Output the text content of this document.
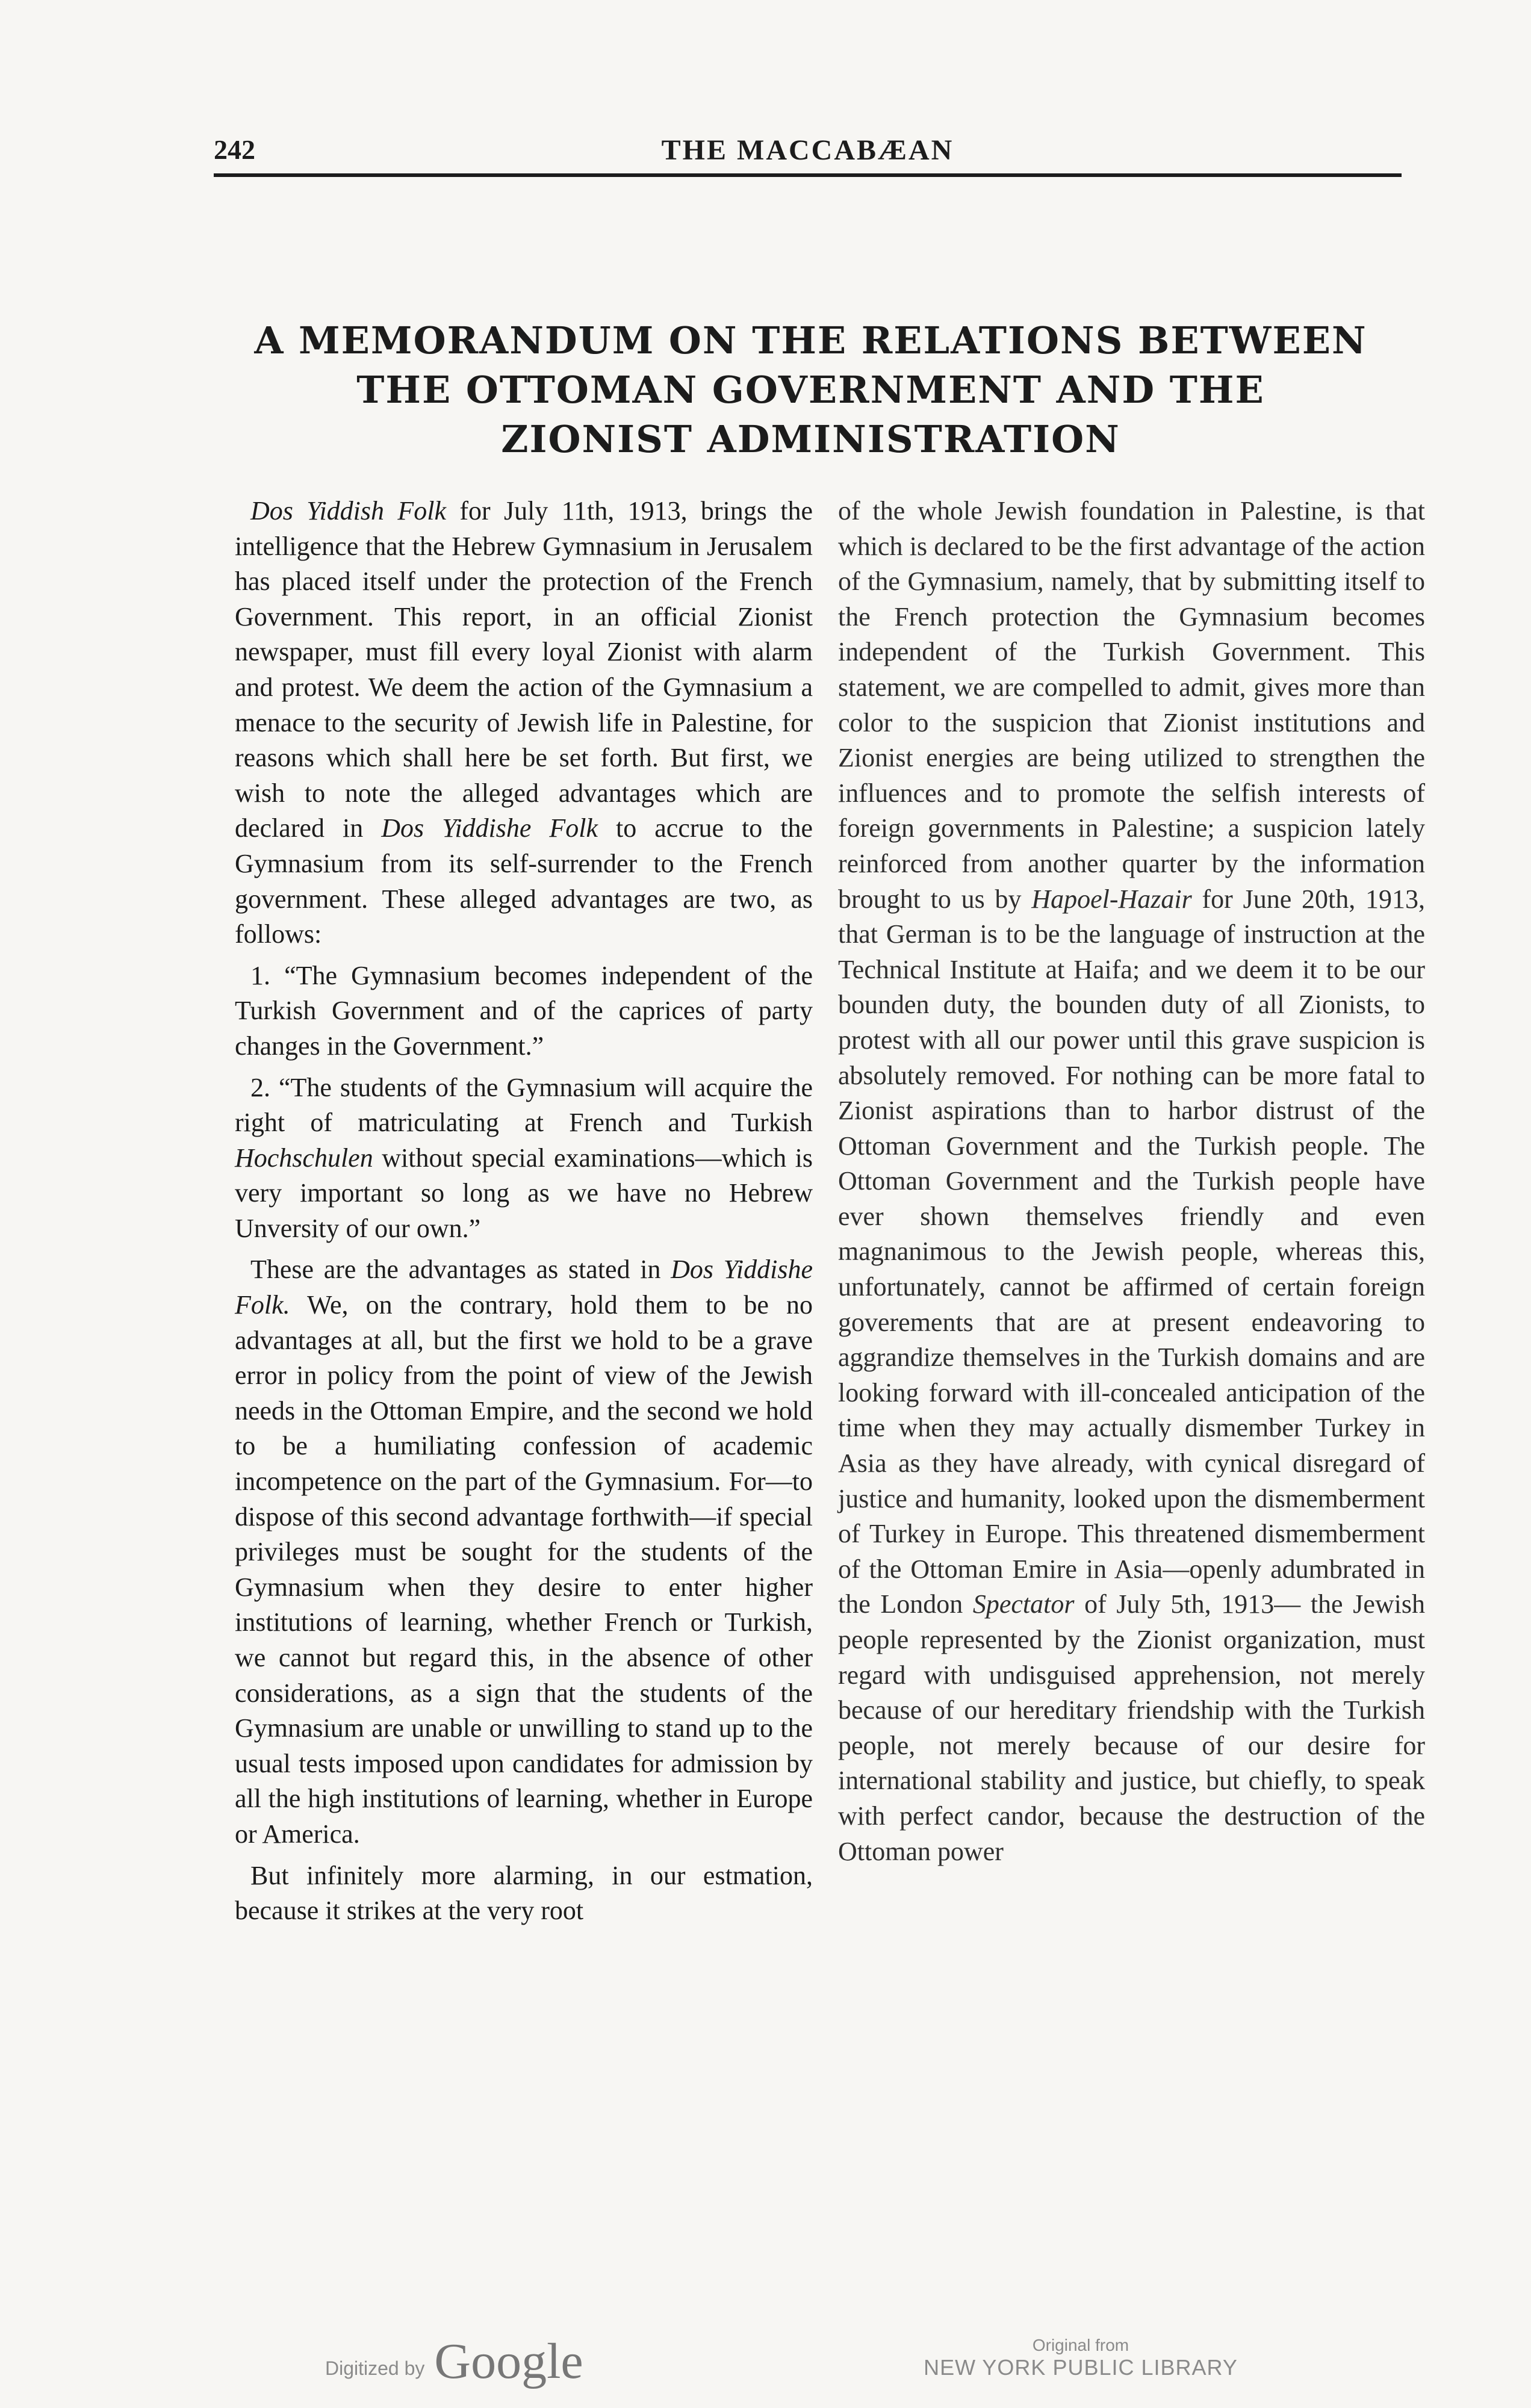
242	THE MACCABÆAN
A MEMORANDUM ON THE RELATIONS BETWEEN
THE OTTOMAN GOVERNMENT AND THE
ZIONIST ADMINISTRATION

Dos Yiddish Folk for July 11th, 1913, brings the intelligence that the Hebrew Gymnasium in Jerusalem has placed itself under the protection of the French Government. This report, in an official Zionist newspaper, must fill every loyal Zionist with alarm and protest. We deem the action of the Gymnasium a menace to the security of Jewish life in Palestine, for reasons which shall here be set forth. But first, we wish to note the alleged advantages which are declared in Dos Yiddishe Folk to accrue to the Gymnasium from its self-surrender to the French government. These alleged advantages are two, as follows:

1. “The Gymnasium becomes independent of the Turkish Government and of the caprices of party changes in the Government.”

2. “The students of the Gymnasium will acquire the right of matriculating at French and Turkish Hochschulen without special examinations—which is very important so long as we have no Hebrew Unversity of our own.”

These are the advantages as stated in Dos Yiddishe Folk. We, on the contrary, hold them to be no advantages at all, but the first we hold to be a grave error in policy from the point of view of the Jewish needs in the Ottoman Empire, and the second we hold to be a humiliating confession of academic incompetence on the part of the Gymnasium. For—to dispose of this second advantage forthwith—if special privileges must be sought for the students of the Gymnasium when they desire to enter higher institutions of learning, whether French or Turkish, we cannot but regard this, in the absence of other considerations, as a sign that the students of the Gymnasium are unable or unwilling to stand up to the usual tests imposed upon candidates for admission by all the high institutions of learning, whether in Europe or America.

But infinitely more alarming, in our estmation, because it strikes at the very root

of the whole Jewish foundation in Palestine, is that which is declared to be the first advantage of the action of the Gymnasium, namely, that by submitting itself to the French protection the Gymnasium becomes independent of the Turkish Government. This statement, we are compelled to admit, gives more than color to the suspicion that Zionist institutions and Zionist energies are being utilized to strengthen the influences and to promote the selfish interests of foreign governments in Palestine; a suspicion lately reinforced from another quarter by the information brought to us by Hapoel-Hazair for June 20th, 1913, that German is to be the language of instruction at the Technical Institute at Haifa; and we deem it to be our bounden duty, the bounden duty of all Zionists, to protest with all our power until this grave suspicion is absolutely removed. For nothing can be more fatal to Zionist aspirations than to harbor distrust of the Ottoman Government and the Turkish people. The Ottoman Government and the Turkish people have ever shown themselves friendly and even magnanimous to the Jewish people, whereas this, unfortunately, cannot be affirmed of certain foreign goverements that are at present endeavoring to aggrandize themselves in the Turkish domains and are looking forward with ill-concealed anticipation of the time when they may actually dismember Turkey in Asia as they have already, with cynical disregard of justice and humanity, looked upon the dismemberment of Turkey in Europe. This threatened dismemberment of the Ottoman Emire in Asia—openly adumbrated in the London Spectator of July 5th, 1913— the Jewish people represented by the Zionist organization, must regard with undisguised apprehension, not merely because of our hereditary friendship with the Turkish people, not merely because of our desire for international stability and justice, but chiefly, to speak with perfect candor, because the destruction of the Ottoman power

Digitized by Google	Original from
NEW YORK PUBLIC LIBRARY
